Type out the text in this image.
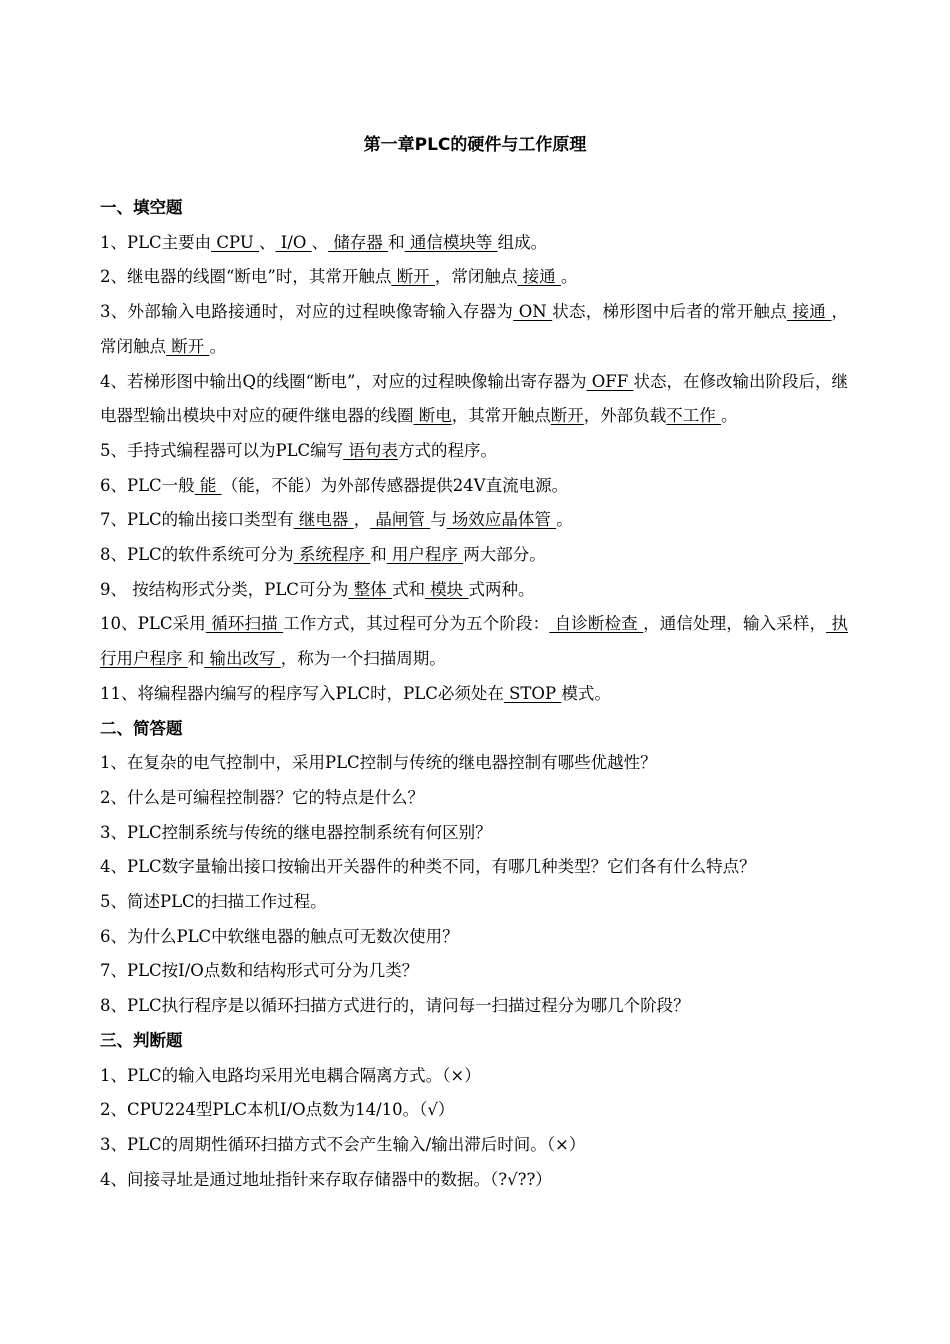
第一章PLC的硬件与工作原理
一、填空题
1、PLC主要由 CPU 、 I/O 、 储存器 和 通信模块等 组成。
2、继电器的线圈“断电”时，其常开触点 断开 ，常闭触点 接通 。
3、外部输入电路接通时，对应的过程映像寄输入存器为 ON 状态，梯形图中后者的常开触点 接通 ，常闭触点 断开 。
4、若梯形图中输出Q的线圈“断电”，对应的过程映像输出寄存器为 OFF 状态，在修改输出阶段后，继电器型输出模块中对应的硬件继电器的线圈 断电，其常开触点断开，外部负载不工作 。
5、手持式编程器可以为PLC编写 语句表方式的程序。
6、PLC一般 能 （能，不能）为外部传感器提供24V直流电源。
7、PLC的输出接口类型有 继电器 ， 晶闸管 与 场效应晶体管 。
8、PLC的软件系统可分为 系统程序 和 用户程序 两大部分。
9、 按结构形式分类，PLC可分为 整体 式和 模块 式两种。
10、PLC采用 循环扫描 工作方式，其过程可分为五个阶段： 自诊断检查 ，通信处理，输入采样， 执行用户程序 和 输出改写 ，称为一个扫描周期。
11、将编程器内编写的程序写入PLC时，PLC必须处在 STOP 模式。
二、简答题
1、在复杂的电气控制中，采用PLC控制与传统的继电器控制有哪些优越性？
2、什么是可编程控制器？它的特点是什么？
3、PLC控制系统与传统的继电器控制系统有何区别？
4、PLC数字量输出接口按输出开关器件的种类不同，有哪几种类型？它们各有什么特点？
5、简述PLC的扫描工作过程。
6、为什么PLC中软继电器的触点可无数次使用？
7、PLC按I/O点数和结构形式可分为几类？
8、PLC执行程序是以循环扫描方式进行的，请问每一扫描过程分为哪几个阶段？
三、判断题
1、PLC的输入电路均采用光电耦合隔离方式。（×）
2、CPU224型PLC本机I/O点数为14/10。（√）
3、PLC的周期性循环扫描方式不会产生输入/输出滞后时间。（×）
4、间接寻址是通过地址指针来存取存储器中的数据。（?√??）
